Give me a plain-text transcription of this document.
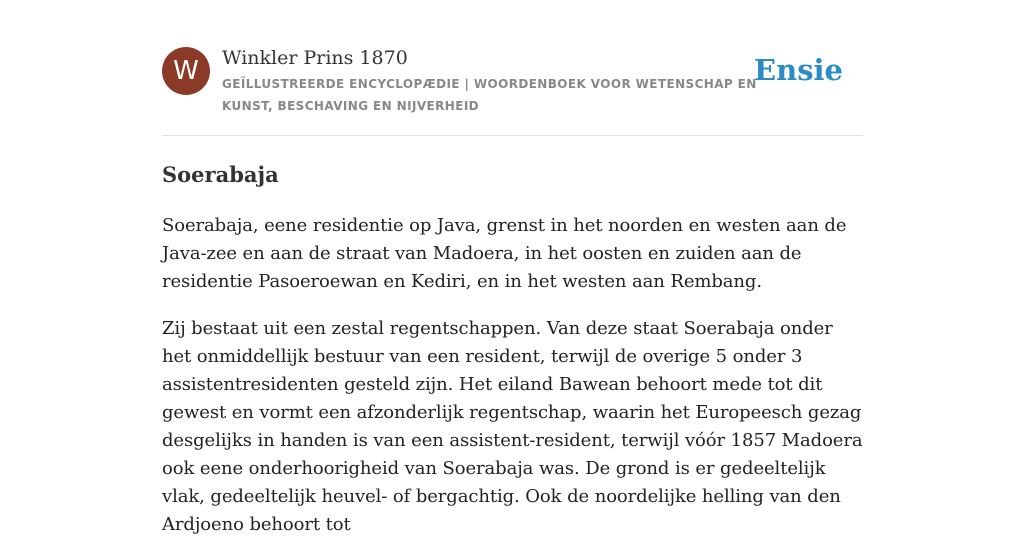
W	Winkler Prins 1870
GEÏLLUSTREERDE ENCYCLOPÆDIE | WOORDENBOEK VOOR WETENSCHAP EN KUNST, BESCHAVING EN NIJVERHEID
Ensie
Soerabaja

Soerabaja, eene residentie op Java, grenst in het noorden en westen aan de Java-zee en aan de straat van Madoera, in het oosten en zuiden aan de residentie Pasoeroewan en Kediri, en in het westen aan Rembang.

Zij bestaat uit een zestal regentschappen. Van deze staat Soerabaja onder het onmiddellijk bestuur van een resident, terwijl de overige 5 onder 3 assistentresidenten gesteld zijn. Het eiland Bawean behoort mede tot dit gewest en vormt een afzonderlijk regentschap, waarin het Europeesch gezag desgelijks in handen is van een assistent-resident, terwijl vóór 1857 Madoera ook eene onderhoorigheid van Soerabaja was. De grond is er gedeeltelijk vlak, gedeeltelijk heuvel- of bergachtig. Ook de noordelijke helling van den Ardjoeno behoort tot
